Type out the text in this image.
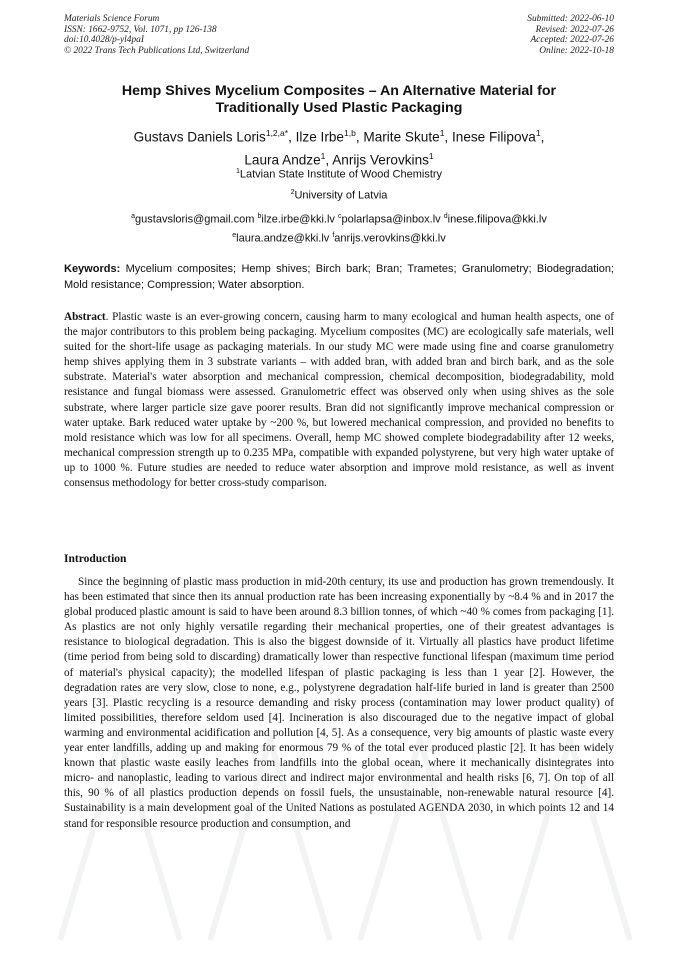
Materials Science Forum
ISSN: 1662-9752, Vol. 1071, pp 126-138
doi:10.4028/p-yl4paI
© 2022 Trans Tech Publications Ltd, Switzerland
Submitted: 2022-06-10
Revised: 2022-07-26
Accepted: 2022-07-26
Online: 2022-10-18
Hemp Shives Mycelium Composites – An Alternative Material for
Traditionally Used Plastic Packaging
Gustavs Daniels Loris$^{1,2,a*}$, Ilze Irbe$^{1,b}$, Marite Skute$^1$, Inese Filipova$^1$,
Laura Andze$^1$, Anrijs Verovkins$^1$
$^1$Latvian State Institute of Wood Chemistry
$^2$University of Latvia
$^a$gustavsloris@gmail.com $^b$ilze.irbe@kki.lv $^c$polarlapsa@inbox.lv $^d$inese.filipova@kki.lv
$^e$laura.andze@kki.lv $^f$anrijs.verovkins@kki.lv
Keywords: Mycelium composites; Hemp shives; Birch bark; Bran; Trametes; Granulometry; Biodegradation; Mold resistance; Compression; Water absorption.
Abstract. Plastic waste is an ever-growing concern, causing harm to many ecological and human health aspects, one of the major contributors to this problem being packaging. Mycelium composites (MC) are ecologically safe materials, well suited for the short-life usage as packaging materials. In our study MC were made using fine and coarse granulometry hemp shives applying them in 3 substrate variants – with added bran, with added bran and birch bark, and as the sole substrate. Material's water absorption and mechanical compression, chemical decomposition, biodegradability, mold resistance and fungal biomass were assessed. Granulometric effect was observed only when using shives as the sole substrate, where larger particle size gave poorer results. Bran did not significantly improve mechanical compression or water uptake. Bark reduced water uptake by ~200 %, but lowered mechanical compression, and provided no benefits to mold resistance which was low for all specimens. Overall, hemp MC showed complete biodegradability after 12 weeks, mechanical compression strength up to 0.235 MPa, compatible with expanded polystyrene, but very high water uptake of up to 1000 %. Future studies are needed to reduce water absorption and improve mold resistance, as well as invent consensus methodology for better cross-study comparison.
Introduction
Since the beginning of plastic mass production in mid-20th century, its use and production has grown tremendously. It has been estimated that since then its annual production rate has been increasing exponentially by ~8.4 % and in 2017 the global produced plastic amount is said to have been around 8.3 billion tonnes, of which ~40 % comes from packaging [1]. As plastics are not only highly versatile regarding their mechanical properties, one of their greatest advantages is resistance to biological degradation. This is also the biggest downside of it. Virtually all plastics have product lifetime (time period from being sold to discarding) dramatically lower than respective functional lifespan (maximum time period of material's physical capacity); the modelled lifespan of plastic packaging is less than 1 year [2]. However, the degradation rates are very slow, close to none, e.g., polystyrene degradation half-life buried in land is greater than 2500 years [3]. Plastic recycling is a resource demanding and risky process (contamination may lower product quality) of limited possibilities, therefore seldom used [4]. Incineration is also discouraged due to the negative impact of global warming and environmental acidification and pollution [4, 5]. As a consequence, very big amounts of plastic waste every year enter landfills, adding up and making for enormous 79 % of the total ever produced plastic [2]. It has been widely known that plastic waste easily leaches from landfills into the global ocean, where it mechanically disintegrates into micro- and nanoplastic, leading to various direct and indirect major environmental and health risks [6, 7]. On top of all this, 90 % of all plastics production depends on fossil fuels, the unsustainable, non-renewable natural resource [4]. Sustainability is a main development goal of the United Nations as postulated AGENDA 2030, in which points 12 and 14 stand for responsible resource production and consumption, and
